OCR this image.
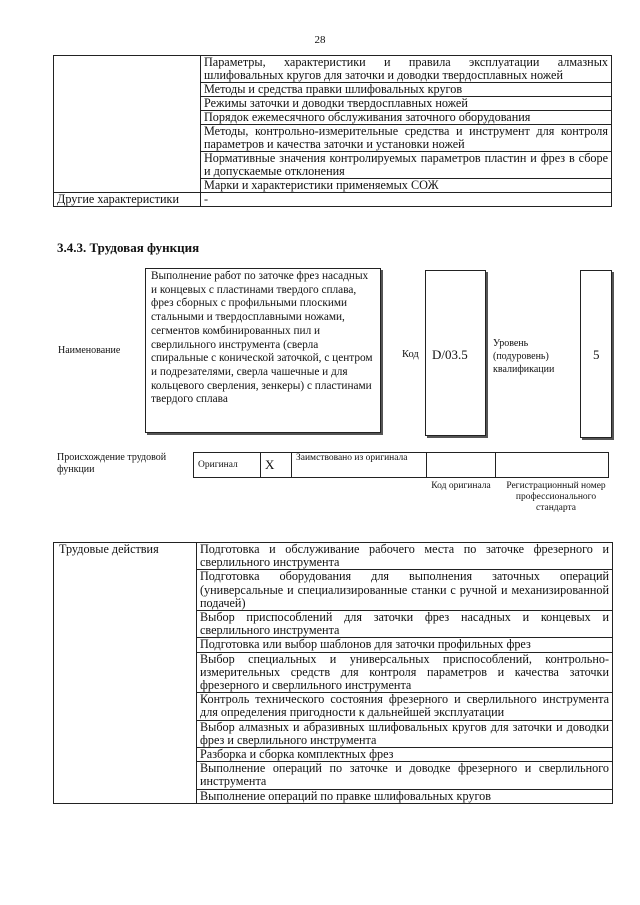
28
	Параметры, характеристики и правила эксплуатации алмазных шлифовальных кругов для заточки и доводки твердосплавных ножей
	Методы и средства правки шлифовальных кругов
	Режимы заточки и доводки твердосплавных ножей
	Порядок ежемесячного обслуживания заточного оборудования
	Методы, контрольно-измерительные средства и инструмент для контроля параметров и качества заточки и установки ножей
	Нормативные значения контролируемых параметров пластин и фрез в сборе и допускаемые отклонения
	Марки и характеристики применяемых СОЖ
Другие характеристики	-
3.4.3. Трудовая функция
Наименование
Выполнение работ по заточке фрез насадных и концевых с пластинами твердого сплава, фрез сборных с профильными плоскими стальными и твердосплавными ножами, сегментов комбинированных пил и сверлильного инструмента (сверла спиральные с конической заточкой, с центром и подрезателями, сверла чашечные и для кольцевого сверления, зенкеры) с пластинами твердого сплава
Код D/03.5
Уровень (подуровень) квалификации
5
Происхождение трудовой функции	Оригинал	X	Заимствовано из оригинала		
Код оригинала	Регистрационный номер профессионального стандарта
Трудовые действия	Подготовка и обслуживание рабочего места по заточке фрезерного и сверлильного инструмента
Подготовка оборудования для выполнения заточных операций (универсальные и специализированные станки с ручной и механизированной подачей)
Выбор приспособлений для заточки фрез насадных и концевых и сверлильного инструмента
Подготовка или выбор шаблонов для заточки профильных фрез
Выбор специальных и универсальных приспособлений, контрольно-измерительных средств для контроля параметров и качества заточки фрезерного и сверлильного инструмента
Контроль технического состояния фрезерного и сверлильного инструмента для определения пригодности к дальнейшей эксплуатации
Выбор алмазных и абразивных шлифовальных кругов для заточки и доводки фрез и сверлильного инструмента
Разборка и сборка комплектных фрез
Выполнение операций по заточке и доводке фрезерного и сверлильного инструмента
Выполнение операций по правке шлифовальных кругов
